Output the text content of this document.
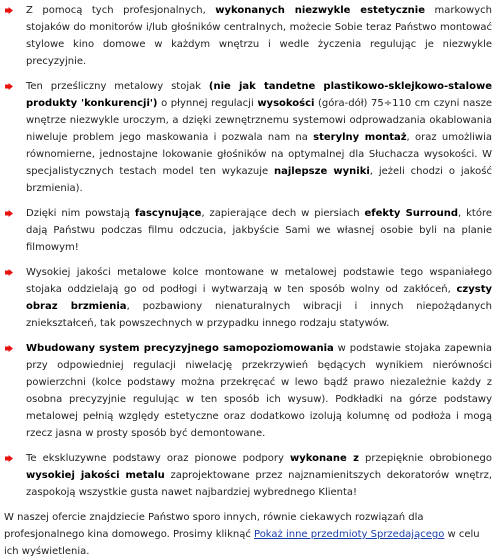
Z pomocą tych profesjonalnych, wykonanych niezwykle estetycznie markowych stojaków do monitorów i/lub głośników centralnych, możecie Sobie teraz Państwo montować stylowe kino domowe w każdym wnętrzu i wedle życzenia regulując je niezwykle precyzyjnie.

Ten prześliczny metalowy stojak (nie jak tandetne plastikowo-sklejkowo-stalowe produkty 'konkurencji') o płynnej regulacji wysokości (góra-dół) 75÷110 cm czyni nasze wnętrze niezwykle uroczym, a dzięki zewnętrznemu systemowi odprowadzania okablowania niweluje problem jego maskowania i pozwala nam na sterylny montaż, oraz umożliwia równomierne, jednostajne lokowanie głośników na optymalnej dla Słuchacza wysokości. W specjalistycznych testach model ten wykazuje najlepsze wyniki, jeżeli chodzi o jakość brzmienia).

Dzięki nim powstają fascynujące, zapierające dech w piersiach efekty Surround, które dają Państwu podczas filmu odczucia, jakbyście Sami we własnej osobie byli na planie filmowym!

Wysokiej jakości metalowe kolce montowane w metalowej podstawie tego wspaniałego stojaka oddzielają go od podłogi i wytwarzają w ten sposób wolny od zakłóceń, czysty obraz brzmienia, pozbawiony nienaturalnych wibracji i innych niepożądanych zniekształceń, tak powszechnych w przypadku innego rodzaju statywów.

Wbudowany system precyzyjnego samopoziomowania w podstawie stojaka zapewnia przy odpowiedniej regulacji niwelację przekrzywień będących wynikiem nierówności powierzchni (kolce podstawy można przekręcać w lewo bądź prawo niezależnie każdy z osobna precyzyjnie regulując w ten sposób ich wysuw). Podkładki na górze podstawy metalowej pełnią względy estetyczne oraz dodatkowo izolują kolumnę od podłoża i mogą rzecz jasna w prosty sposób być demontowane.

Te ekskluzywne podstawy oraz pionowe podpory wykonane z przepięknie obrobionego wysokiej jakości metalu zaprojektowane przez najznamienitszych dekoratorów wnętrz, zaspokoją wszystkie gusta nawet najbardziej wybrednego Klienta!

W naszej ofercie znajdziecie Państwo sporo innych, równie ciekawych rozwiązań dla profesjonalnego kina domowego. Prosimy kliknąć Pokaż inne przedmioty Sprzedającego w celu ich wyświetlenia.
